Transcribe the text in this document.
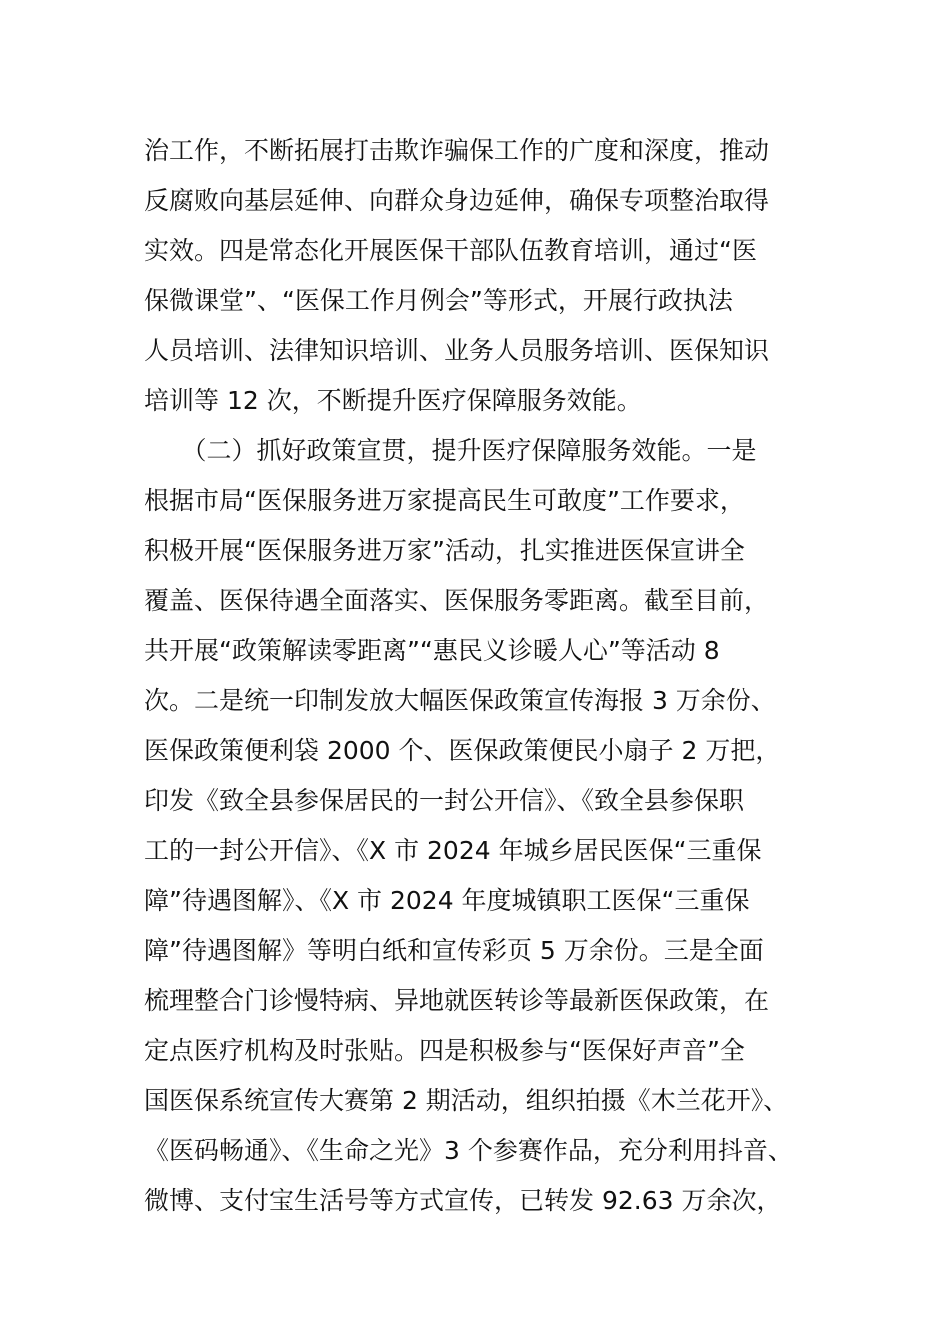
治工作，不断拓展打击欺诈骗保工作的广度和深度，推动
反腐败向基层延伸、向群众身边延伸，确保专项整治取得
实效。四是常态化开展医保干部队伍教育培训，通过“医
保微课堂”、“医保工作月例会”等形式，开展行政执法
人员培训、法律知识培训、业务人员服务培训、医保知识
培训等 12 次，不断提升医疗保障服务效能。
　　（二）抓好政策宣贯，提升医疗保障服务效能。一是
根据市局“医保服务进万家提高民生可敢度”工作要求，
积极开展“医保服务进万家”活动，扎实推进医保宣讲全
覆盖、医保待遇全面落实、医保服务零距离。截至目前，
共开展“政策解读零距离”“惠民义诊暖人心”等活动 8
次。二是统一印制发放大幅医保政策宣传海报 3 万余份、
医保政策便利袋 2000 个、医保政策便民小扇子 2 万把，
印发《致全县参保居民的一封公开信》、《致全县参保职
工的一封公开信》、《X 市 2024 年城乡居民医保“三重保
障”待遇图解》、《X 市 2024 年度城镇职工医保“三重保
障”待遇图解》等明白纸和宣传彩页 5 万余份。三是全面
梳理整合门诊慢特病、异地就医转诊等最新医保政策，在
定点医疗机构及时张贴。四是积极参与“医保好声音”全
国医保系统宣传大赛第 2 期活动，组织拍摄《木兰花开》、
《医码畅通》、《生命之光》3 个参赛作品，充分利用抖音、
微博、支付宝生活号等方式宣传，已转发 92.63 万余次，
